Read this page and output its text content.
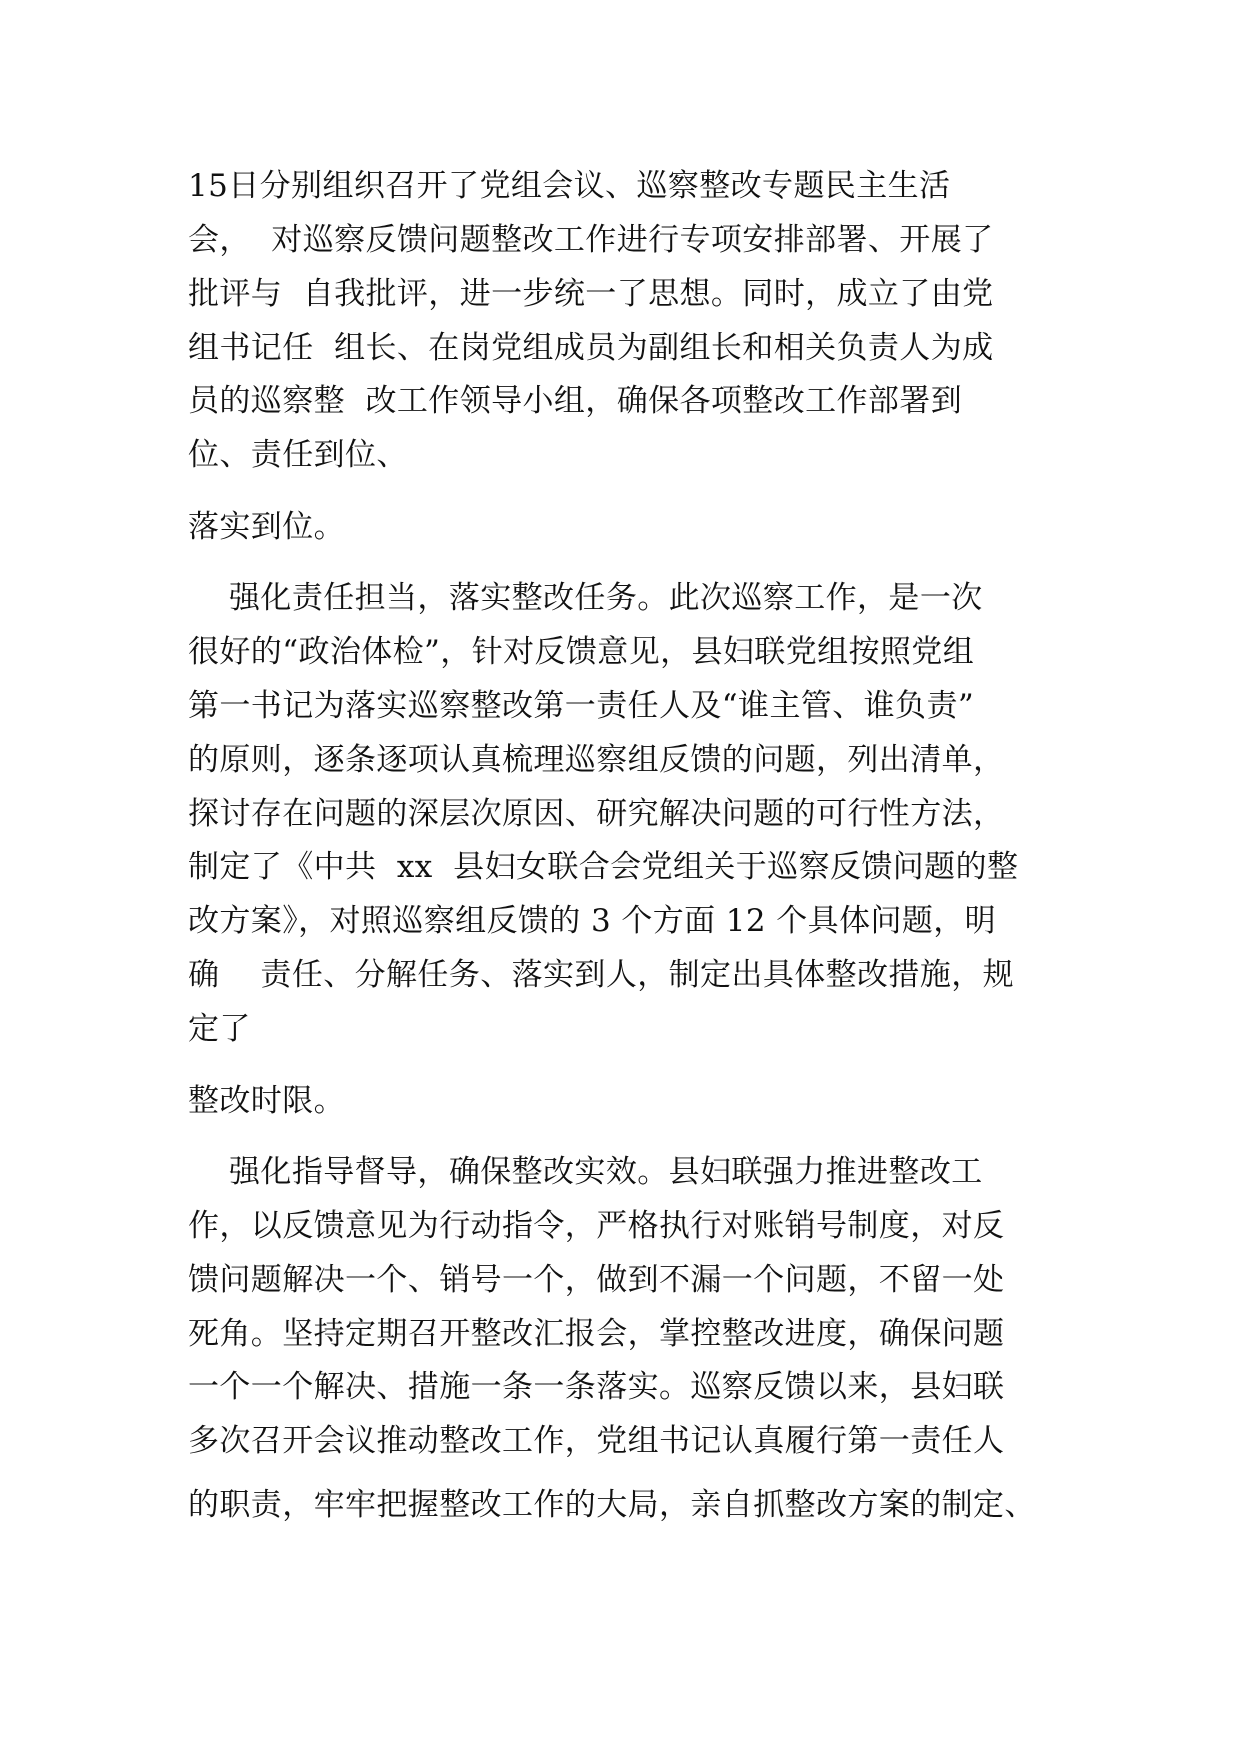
15日分别组织召开了党组会议、巡察整改专题民主生活
会，  对巡察反馈问题整改工作进行专项安排部署、开展了
批评与  自我批评，进一步统一了思想。同时，成立了由党
组书记任  组长、在岗党组成员为副组长和相关负责人为成
员的巡察整  改工作领导小组，确保各项整改工作部署到
位、责任到位、
落实到位。
强化责任担当，落实整改任务。此次巡察工作，是一次
很好的“政治体检”，针对反馈意见，县妇联党组按照党组
第一书记为落实巡察整改第一责任人及“谁主管、谁负责”
的原则，逐条逐项认真梳理巡察组反馈的问题，列出清单，
探讨存在问题的深层次原因、研究解决问题的可行性方法，
制定了《中共  xx  县妇女联合会党组关于巡察反馈问题的整
改方案》，对照巡察组反馈的 3 个方面 12 个具体问题，明
确    责任、分解任务、落实到人，制定出具体整改措施，规
定了
整改时限。
强化指导督导，确保整改实效。县妇联强力推进整改工
作，以反馈意见为行动指令，严格执行对账销号制度，对反
馈问题解决一个、销号一个，做到不漏一个问题，不留一处
死角。坚持定期召开整改汇报会，掌控整改进度，确保问题
一个一个解决、措施一条一条落实。巡察反馈以来，县妇联
多次召开会议推动整改工作，党组书记认真履行第一责任人
的职责，牢牢把握整改工作的大局，亲自抓整改方案的制定、
